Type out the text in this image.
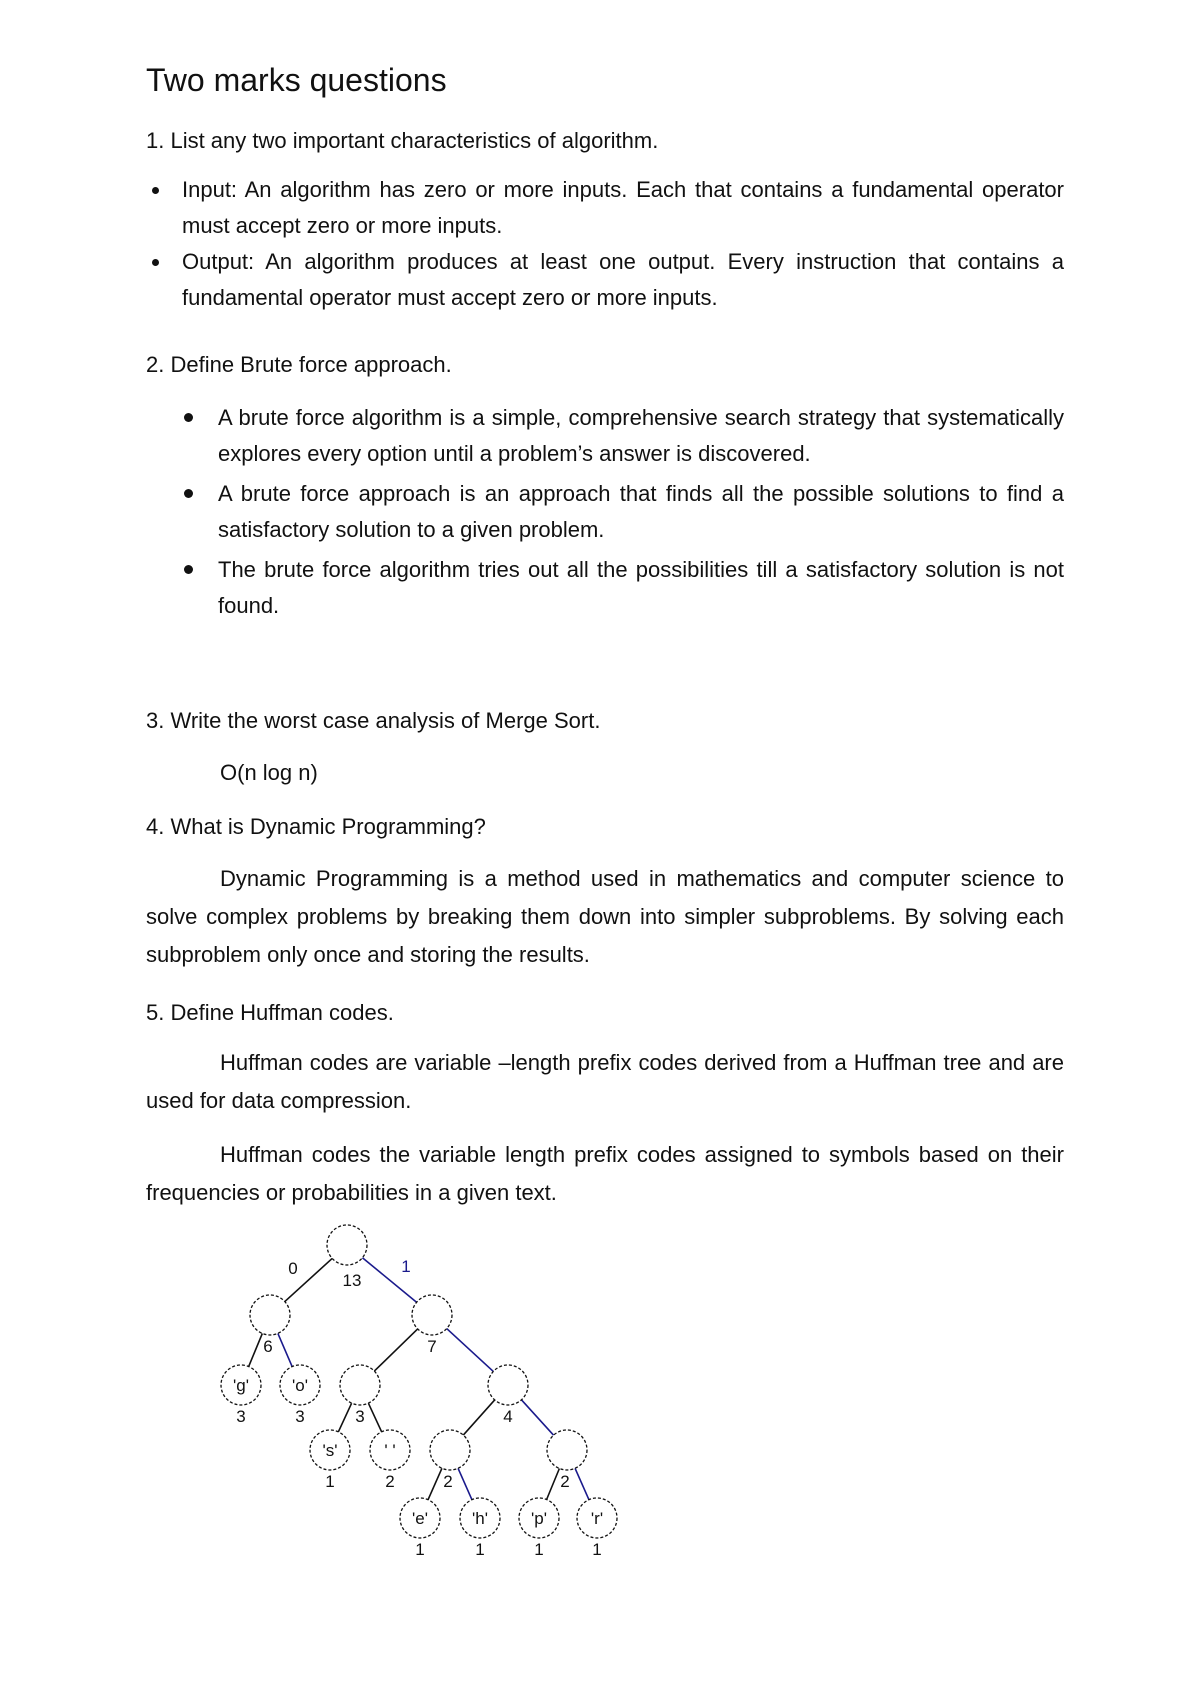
Two marks questions

1. List any two important characteristics of algorithm.

Input: An algorithm has zero or more inputs. Each that contains a fundamental operator must accept zero or more inputs.
Output: An algorithm produces at least one output. Every instruction that contains a fundamental operator must accept zero or more inputs.

2. Define Brute force approach.

A brute force algorithm is a simple, comprehensive search strategy that systematically explores every option until a problem’s answer is discovered.
A brute force approach is an approach that finds all the possible solutions to find a satisfactory solution to a given problem.
The brute force algorithm tries out all the possibilities till a satisfactory solution is not found.

3. Write the worst case analysis of Merge Sort.

O(n log n)

4. What is Dynamic Programming?

Dynamic Programming is a method used in mathematics and computer science to solve complex problems by breaking them down into simpler subproblems. By solving each subproblem only once and storing the results.

5. Define Huffman codes.

Huffman codes are variable –length prefix codes derived from a Huffman tree and are used for data compression.

Huffman codes the variable length prefix codes assigned to symbols based on their frequencies or probabilities in a given text.

'g'	'o'
's'	' '
'e'	'h'	'p'	'r'
13
6	7
3	3	3	4
1	2	2	2
1	1	1	1
0	1
